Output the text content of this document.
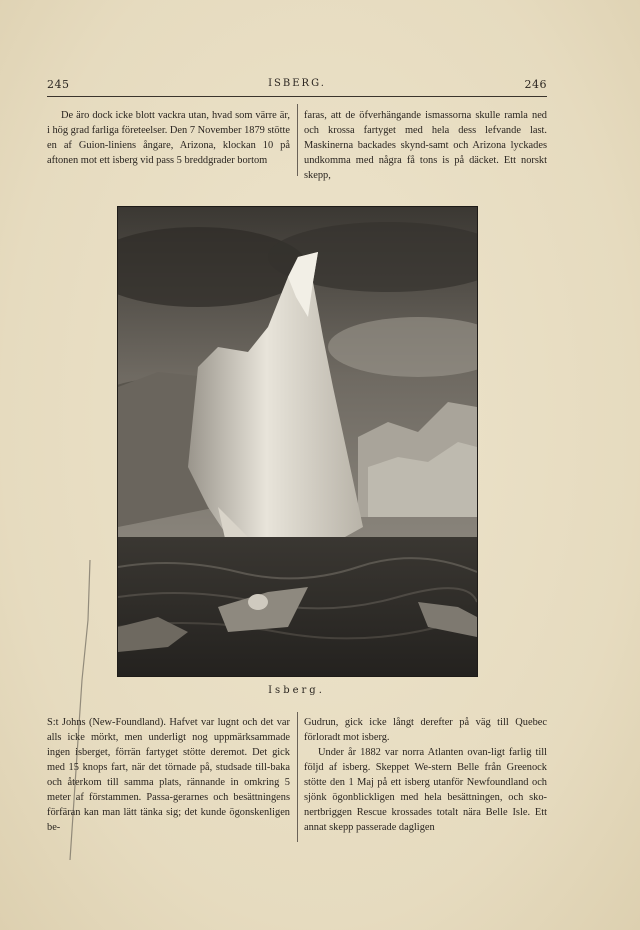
245	ISBERG.	246

De äro dock icke blott vackra utan, hvad som värre är, i hög grad farliga företeelser. Den 7 November 1879 stötte en af Guion-liniens ångare, Arizona, klockan 10 på aftonen mot ett isberg vid pass 5 breddgrader bortom

faras, att de öfverhängande ismassorna skulle ramla ned och krossa fartyget med hela dess lefvande last. Maskinerna backades skynd-samt och Arizona lyckades undkomma med några få tons is på däcket. Ett norskt skepp,

Isberg.

S:t Johns (New-Foundland). Hafvet var lugnt och det var alls icke mörkt, men underligt nog uppmärksammade ingen isberget, förrän fartyget stötte deremot. Det gick med 15 knops fart, när det törnade på, studsade till-baka och återkom till samma plats, rännande in omkring 5 meter af förstammen. Passa-gerarnes och besättningens förfäran kan man lätt tänka sig; det kunde ögonskenligen be-

Gudrun, gick icke långt derefter på väg till Quebec förloradt mot isberg.

Under år 1882 var norra Atlanten ovan-ligt farlig till följd af isberg. Skeppet We-stern Belle från Greenock stötte den 1 Maj på ett isberg utanför Newfoundland och sjönk ögonblickligen med hela besättningen, och sko-nertbriggen Rescue krossades totalt nära Belle Isle. Ett annat skepp passerade dagligen
